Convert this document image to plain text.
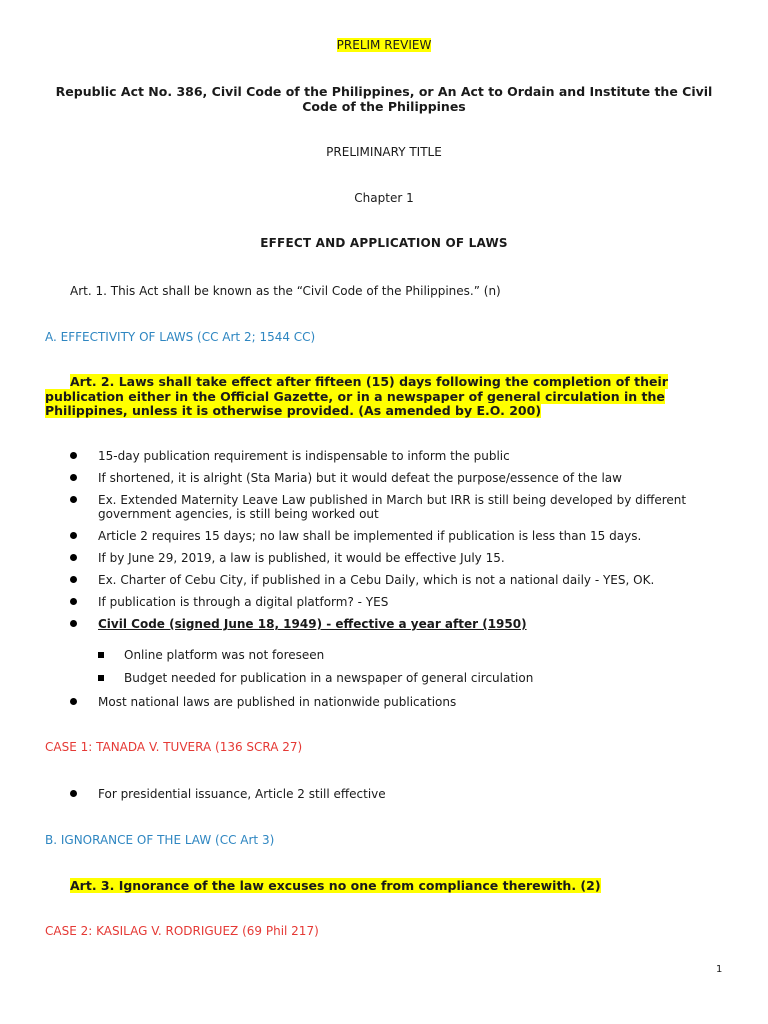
PRELIM REVIEW
Republic Act No. 386, Civil Code of the Philippines, or An Act to Ordain and Institute the Civil Code of the Philippines
PRELIMINARY TITLE
Chapter 1
EFFECT AND APPLICATION OF LAWS
Art. 1. This Act shall be known as the “Civil Code of the Philippines.” (n)
A. EFFECTIVITY OF LAWS (CC Art 2; 1544 CC)
Art. 2. Laws shall take effect after fifteen (15) days following the completion of their publication either in the Official Gazette, or in a newspaper of general circulation in the Philippines, unless it is otherwise provided. (As amended by E.O. 200)
15-day publication requirement is indispensable to inform the public
If shortened, it is alright (Sta Maria) but it would defeat the purpose/essence of the law
Ex. Extended Maternity Leave Law published in March but IRR is still being developed by different government agencies, is still being worked out
Article 2 requires 15 days; no law shall be implemented if publication is less than 15 days.
If by June 29, 2019, a law is published, it would be effective July 15.
Ex. Charter of Cebu City, if published in a Cebu Daily, which is not a national daily - YES, OK.
If publication is through a digital platform? - YES
Civil Code (signed June 18, 1949) - effective a year after (1950)
Online platform was not foreseen
Budget needed for publication in a newspaper of general circulation
Most national laws are published in nationwide publications
CASE 1: TANADA V. TUVERA (136 SCRA 27)
For presidential issuance, Article 2 still effective
B. IGNORANCE OF THE LAW (CC Art 3)
Art. 3. Ignorance of the law excuses no one from compliance therewith. (2)
CASE 2: KASILAG V. RODRIGUEZ (69 Phil 217)
1
